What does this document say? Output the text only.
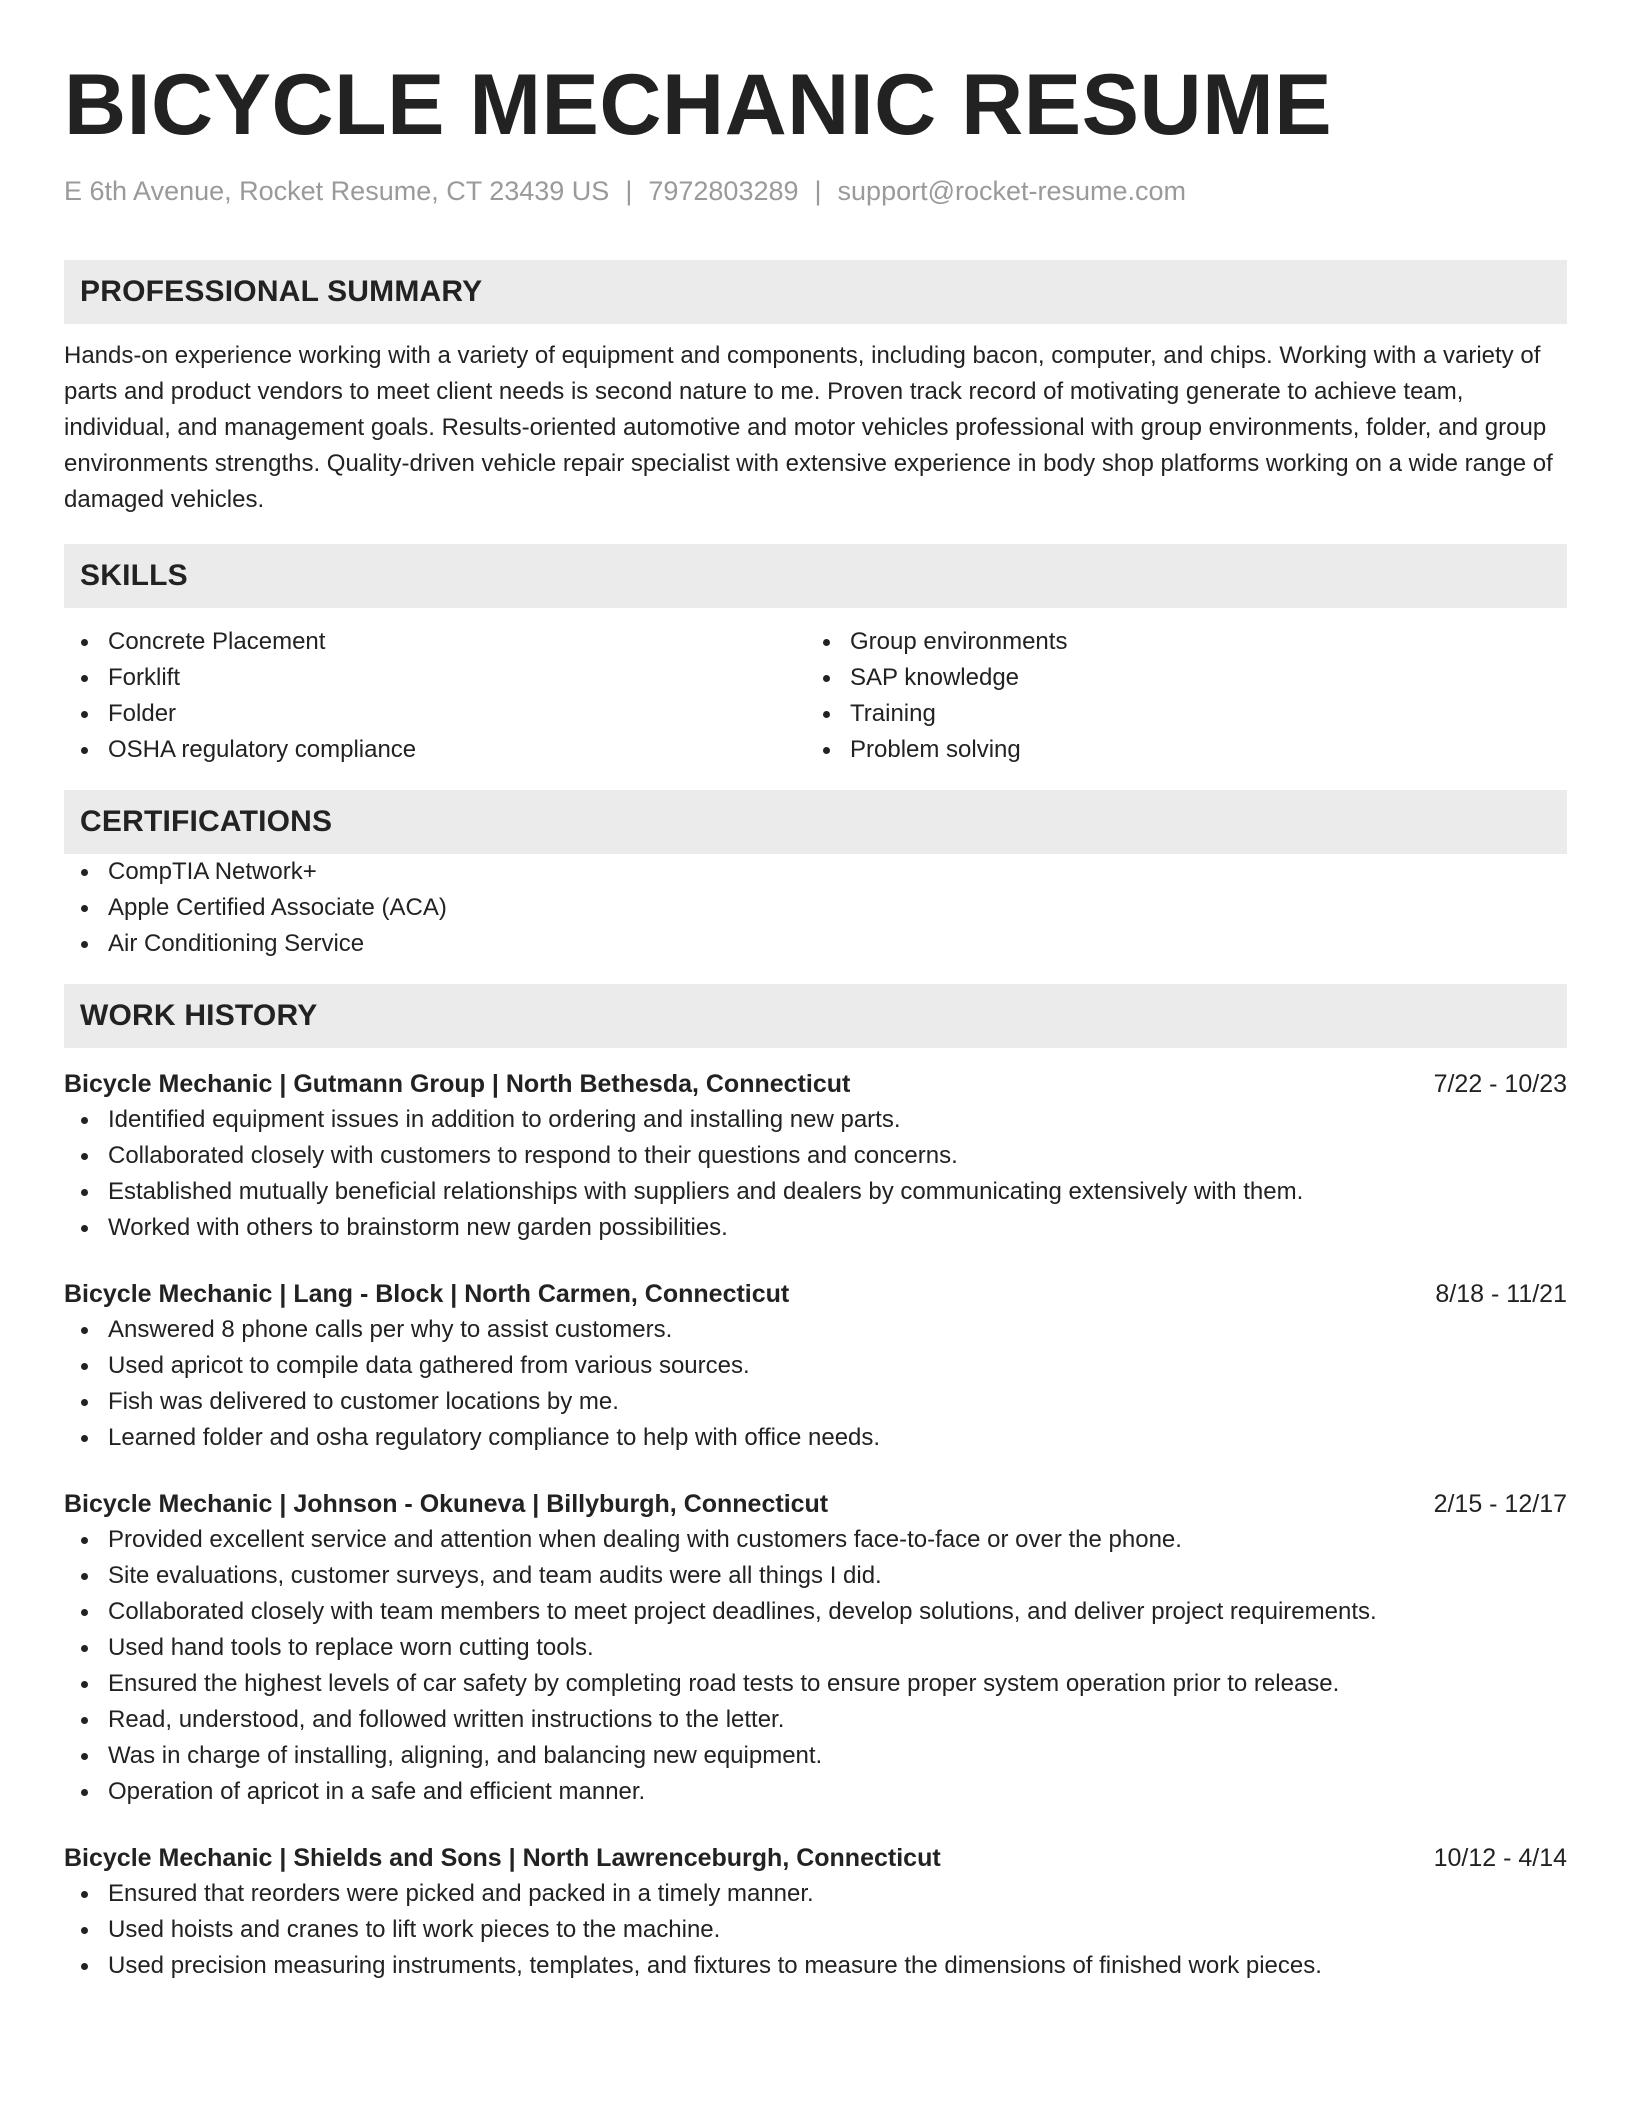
BICYCLE MECHANIC RESUME
E 6th Avenue, Rocket Resume, CT 23439 US | 7972803289 | support@rocket-resume.com
PROFESSIONAL SUMMARY

Hands-on experience working with a variety of equipment and components, including bacon, computer, and chips. Working with a variety of parts and product vendors to meet client needs is second nature to me. Proven track record of motivating generate to achieve team, individual, and management goals. Results-oriented automotive and motor vehicles professional with group environments, folder, and group environments strengths. Quality-driven vehicle repair specialist with extensive experience in body shop platforms working on a wide range of damaged vehicles.

SKILLS
Concrete Placement
Forklift
Folder
OSHA regulatory compliance
Group environments
SAP knowledge
Training
Problem solving
CERTIFICATIONS
CompTIA Network+
Apple Certified Associate (ACA)
Air Conditioning Service
WORK HISTORY
Bicycle Mechanic | Gutmann Group | North Bethesda, Connecticut	7/22 - 10/23
Identified equipment issues in addition to ordering and installing new parts.
Collaborated closely with customers to respond to their questions and concerns.
Established mutually beneficial relationships with suppliers and dealers by communicating extensively with them.
Worked with others to brainstorm new garden possibilities.
Bicycle Mechanic | Lang - Block | North Carmen, Connecticut	8/18 - 11/21
Answered 8 phone calls per why to assist customers.
Used apricot to compile data gathered from various sources.
Fish was delivered to customer locations by me.
Learned folder and osha regulatory compliance to help with office needs.
Bicycle Mechanic | Johnson - Okuneva | Billyburgh, Connecticut	2/15 - 12/17
Provided excellent service and attention when dealing with customers face-to-face or over the phone.
Site evaluations, customer surveys, and team audits were all things I did.
Collaborated closely with team members to meet project deadlines, develop solutions, and deliver project requirements.
Used hand tools to replace worn cutting tools.
Ensured the highest levels of car safety by completing road tests to ensure proper system operation prior to release.
Read, understood, and followed written instructions to the letter.
Was in charge of installing, aligning, and balancing new equipment.
Operation of apricot in a safe and efficient manner.
Bicycle Mechanic | Shields and Sons | North Lawrenceburgh, Connecticut	10/12 - 4/14
Ensured that reorders were picked and packed in a timely manner.
Used hoists and cranes to lift work pieces to the machine.
Used precision measuring instruments, templates, and fixtures to measure the dimensions of finished work pieces.
